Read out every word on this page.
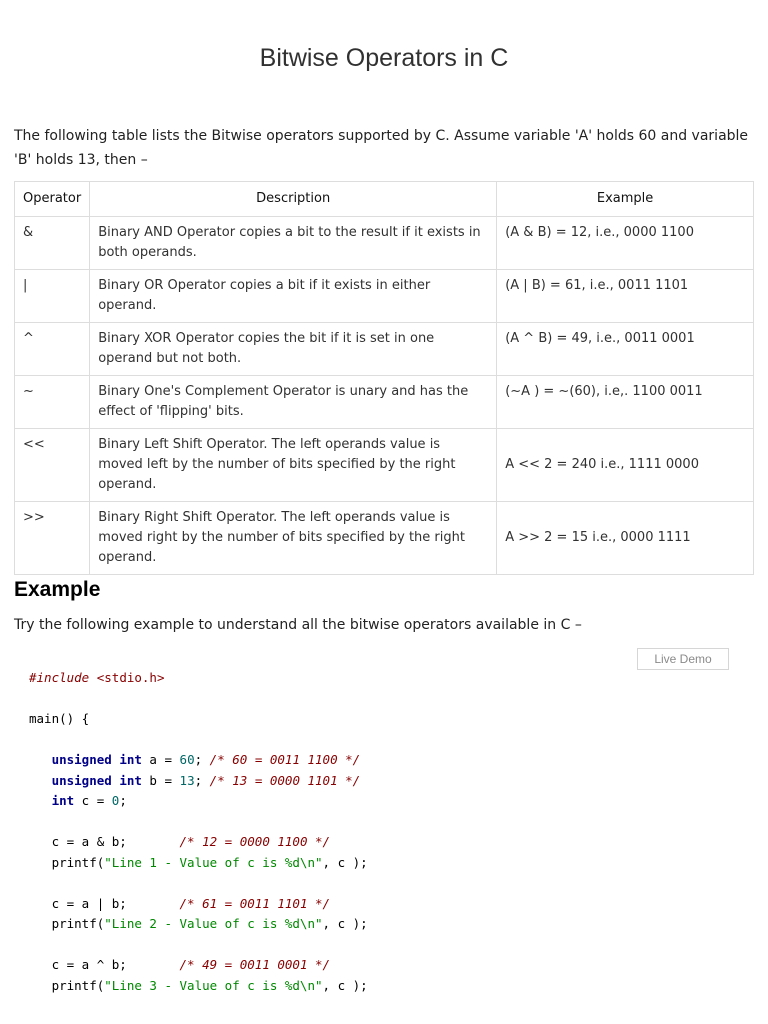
Bitwise Operators in C

The following table lists the Bitwise operators supported by C. Assume variable 'A' holds 60 and variable 'B' holds 13, then –

Operator	Description	Example
&	Binary AND Operator copies a bit to the result if it exists in both operands.	(A & B) = 12, i.e., 0000 1100
|	Binary OR Operator copies a bit if it exists in either operand.	(A | B) = 61, i.e., 0011 1101
^	Binary XOR Operator copies the bit if it is set in one operand but not both.	(A ^ B) = 49, i.e., 0011 0001
~	Binary One's Complement Operator is unary and has the effect of 'flipping' bits.	(~A ) = ~(60), i.e,. 1100 0011
<<	Binary Left Shift Operator. The left operands value is moved left by the number of bits specified by the right operand.	A << 2 = 240 i.e., 1111 0000
>>	Binary Right Shift Operator. The left operands value is moved right by the number of bits specified by the right operand.	A >> 2 = 15 i.e., 0000 1111
Example

Try the following example to understand all the bitwise operators available in C –

Live Demo
#include <stdio.h>

main() {

unsigned int a = 60; /* 60 = 0011 1100 */
unsigned int b = 13; /* 13 = 0000 1101 */
int c = 0;

c = a & b;	/* 12 = 0000 1100 */
printf("Line 1 - Value of c is %d\n", c );

c = a | b;	/* 61 = 0011 1101 */
printf("Line 2 - Value of c is %d\n", c );

c = a ^ b;	/* 49 = 0011 0001 */
printf("Line 3 - Value of c is %d\n", c );
